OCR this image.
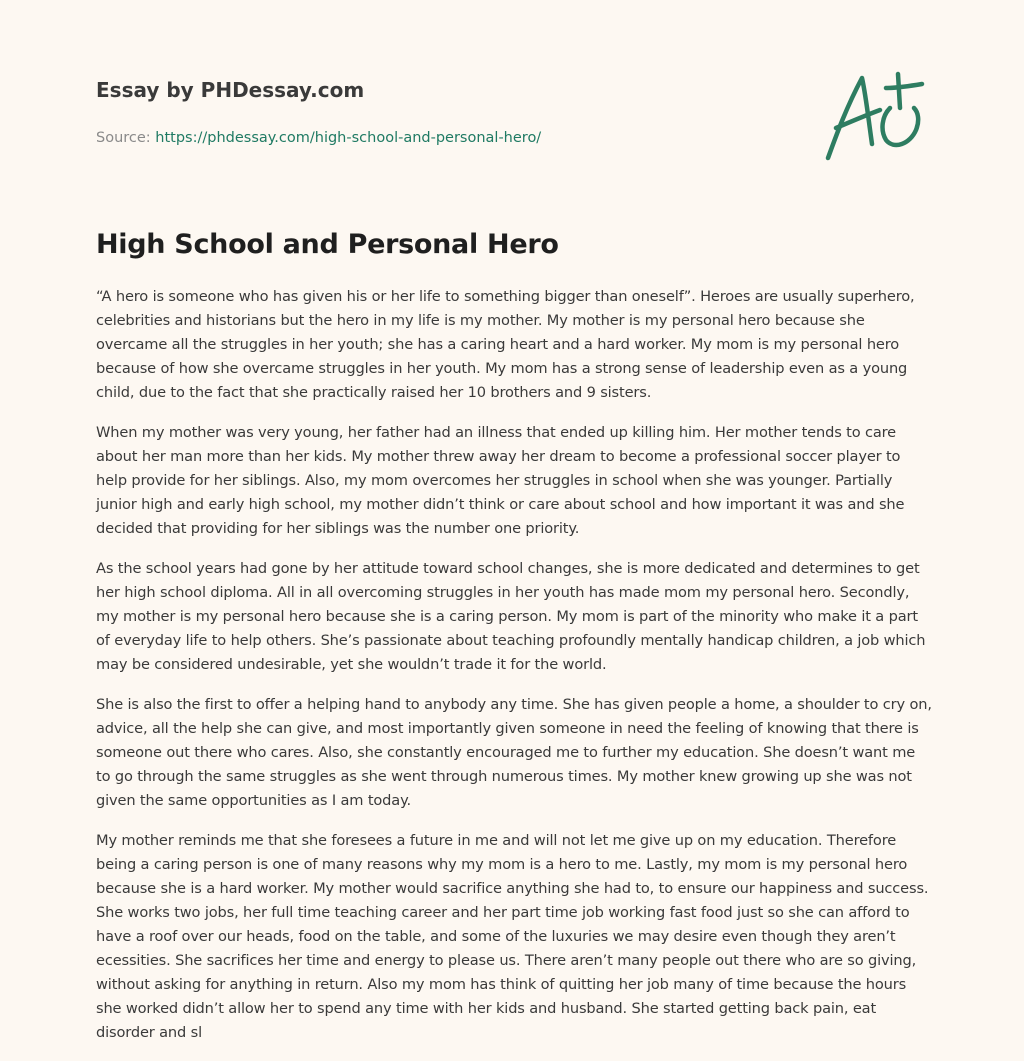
Essay by PHDessay.com
Source: https://phdessay.com/high-school-and-personal-hero/
High School and Personal Hero

“A hero is someone who has given his or her life to something bigger than oneself”. Heroes are usually superhero, celebrities and historians but the hero in my life is my mother. My mother is my personal hero because she overcame all the struggles in her youth; she has a caring heart and a hard worker. My mom is my personal hero because of how she overcame struggles in her youth. My mom has a strong sense of leadership even as a young child, due to the fact that she practically raised her 10 brothers and 9 sisters.

When my mother was very young, her father had an illness that ended up killing him. Her mother tends to care about her man more than her kids. My mother threw away her dream to become a professional soccer player to help provide for her siblings. Also, my mom overcomes her struggles in school when she was younger. Partially junior high and early high school, my mother didn’t think or care about school and how important it was and she decided that providing for her siblings was the number one priority.

As the school years had gone by her attitude toward school changes, she is more dedicated and determines to get her high school diploma. All in all overcoming struggles in her youth has made mom my personal hero. Secondly, my mother is my personal hero because she is a caring person. My mom is part of the minority who make it a part of everyday life to help others. She’s passionate about teaching profoundly mentally handicap children, a job which may be considered undesirable, yet she wouldn’t trade it for the world.

She is also the first to offer a helping hand to anybody any time. She has given people a home, a shoulder to cry on, advice, all the help she can give, and most importantly given someone in need the feeling of knowing that there is someone out there who cares. Also, she constantly encouraged me to further my education. She doesn’t want me to go through the same struggles as she went through numerous times. My mother knew growing up she was not given the same opportunities as I am today.

My mother reminds me that she foresees a future in me and will not let me give up on my education. Therefore being a caring person is one of many reasons why my mom is a hero to me. Lastly, my mom is my personal hero because she is a hard worker. My mother would sacrifice anything she had to, to ensure our happiness and success. She works two jobs, her full time teaching career and her part time job working fast food just so she can afford to have a roof over our heads, food on the table, and some of the luxuries we may desire even though they aren’t ecessities. She sacrifices her time and energy to please us. There aren’t many people out there who are so giving, without asking for anything in return. Also my mom has think of quitting her job many of time because the hours she worked didn’t allow her to spend any time with her kids and husband. She started getting back pain, eat disorder and sl
